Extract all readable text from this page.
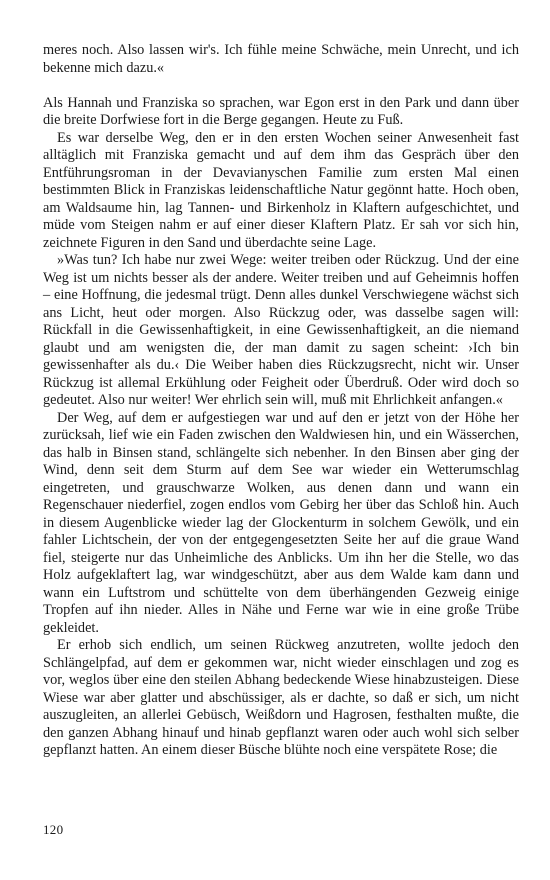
meres noch. Also lassen wir's. Ich fühle meine Schwäche, mein Unrecht, und ich bekenne mich dazu.«

Als Hannah und Franziska so sprachen, war Egon erst in den Park und dann über die breite Dorfwiese fort in die Berge gegangen. Heute zu Fuß.

Es war derselbe Weg, den er in den ersten Wochen seiner Anwesenheit fast alltäglich mit Franziska gemacht und auf dem ihm das Gespräch über den Entführungsroman in der Devavianyschen Familie zum ersten Mal einen bestimmten Blick in Franziskas leidenschaftliche Natur gegönnt hatte. Hoch oben, am Waldsaume hin, lag Tannen- und Birkenholz in Klaftern aufgeschichtet, und müde vom Steigen nahm er auf einer dieser Klaftern Platz. Er sah vor sich hin, zeichnete Figuren in den Sand und überdachte seine Lage.

»Was tun? Ich habe nur zwei Wege: weiter treiben oder Rückzug. Und der eine Weg ist um nichts besser als der andere. Weiter treiben und auf Geheimnis hoffen – eine Hoffnung, die jedesmal trügt. Denn alles dunkel Verschwiegene wächst sich ans Licht, heut oder morgen. Also Rückzug oder, was dasselbe sagen will: Rückfall in die Gewissenhaftigkeit, in eine Gewissenhaftigkeit, an die niemand glaubt und am wenigsten die, der man damit zu sagen scheint: ›Ich bin gewissenhafter als du.‹ Die Weiber haben dies Rückzugsrecht, nicht wir. Unser Rückzug ist allemal Erkühlung oder Feigheit oder Überdruß. Oder wird doch so gedeutet. Also nur weiter! Wer ehrlich sein will, muß mit Ehrlichkeit anfangen.«

Der Weg, auf dem er aufgestiegen war und auf den er jetzt von der Höhe her zurücksah, lief wie ein Faden zwischen den Waldwiesen hin, und ein Wässerchen, das halb in Binsen stand, schlängelte sich nebenher. In den Binsen aber ging der Wind, denn seit dem Sturm auf dem See war wieder ein Wetterumschlag eingetreten, und grauschwarze Wolken, aus denen dann und wann ein Regenschauer niederfiel, zogen endlos vom Gebirg her über das Schloß hin. Auch in diesem Augenblicke wieder lag der Glockenturm in solchem Gewölk, und ein fahler Lichtschein, der von der entgegengesetzten Seite her auf die graue Wand fiel, steigerte nur das Unheimliche des Anblicks. Um ihn her die Stelle, wo das Holz aufgeklaftert lag, war windgeschützt, aber aus dem Walde kam dann und wann ein Luftstrom und schüttelte von dem überhängenden Gezweig einige Tropfen auf ihn nieder. Alles in Nähe und Ferne war wie in eine große Trübe gekleidet.

Er erhob sich endlich, um seinen Rückweg anzutreten, wollte jedoch den Schlängelpfad, auf dem er gekommen war, nicht wieder einschlagen und zog es vor, weglos über eine den steilen Abhang bedeckende Wiese hinabzusteigen. Diese Wiese war aber glatter und abschüssiger, als er dachte, so daß er sich, um nicht auszugleiten, an allerlei Gebüsch, Weißdorn und Hagrosen, festhalten mußte, die den ganzen Abhang hinauf und hinab gepflanzt waren oder auch wohl sich selber gepflanzt hatten. An einem dieser Büsche blühte noch eine verspätete Rose; die

120
